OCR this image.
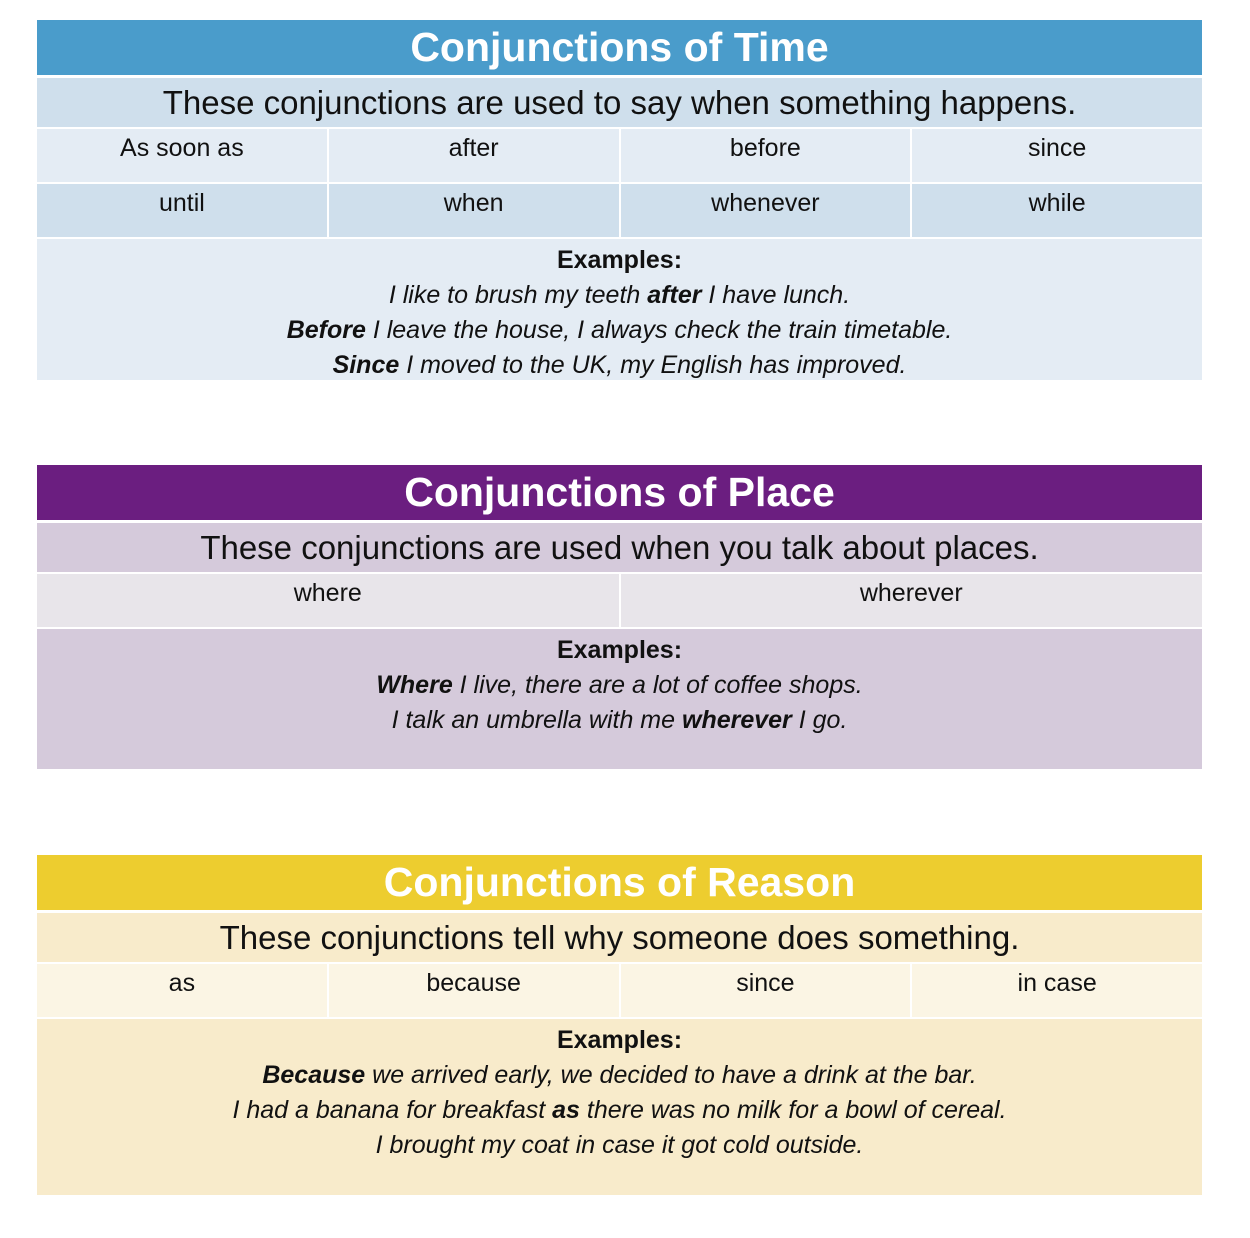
Conjunctions of Time
These conjunctions are used to say when something happens.
As soon as	after	before	since
until	when	whenever	while
Examples:
I like to brush my teeth after I have lunch.
Before I leave the house, I always check the train timetable.
Since I moved to the UK, my English has improved.
Conjunctions of Place
These conjunctions are used when you talk about places.
where	wherever
Examples:
Where I live, there are a lot of coffee shops.
I talk an umbrella with me wherever I go.
Conjunctions of Reason
These conjunctions tell why someone does something.
as	because	since	in case
Examples:
Because we arrived early, we decided to have a drink at the bar.
I had a banana for breakfast as there was no milk for a bowl of cereal.
I brought my coat in case it got cold outside.
